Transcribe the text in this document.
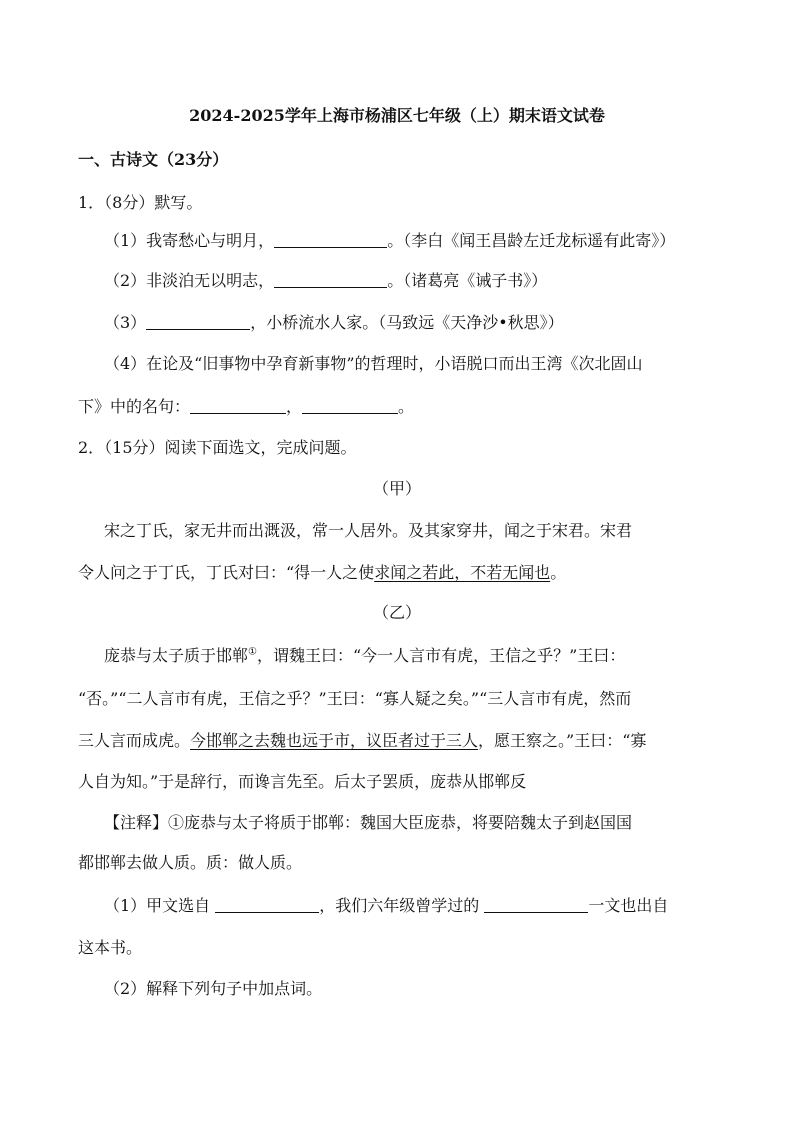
2024-2025学年上海市杨浦区七年级（上）期末语文试卷
一、古诗文（23分）
1．（8分）默写。
（1）我寄愁心与明月，	。（李白《闻王昌龄左迁龙标遥有此寄》）
（2）非淡泊无以明志，	。（诸葛亮《诫子书》）
（3）	，小桥流水人家。（马致远《天净沙•秋思》）
（4）在论及“旧事物中孕育新事物”的哲理时，小语脱口而出王湾《次北固山
下》中的名句：	，	。
2．（15分）阅读下面选文，完成问题。
（甲）
宋之丁氏，家无井而出溉汲，常一人居外。及其家穿井，闻之于宋君。宋君
令人问之于丁氏，丁氏对曰：“得一人之使求闻之若此，不若无闻也。
（乙）
庞恭与太子质于邯郸①，谓魏王曰：“今一人言市有虎，王信之乎？”王曰：
“否。”“二人言市有虎，王信之乎？”王曰：“寡人疑之矣。”“三人言市有虎，然而
三人言而成虎。今邯郸之去魏也远于市，议臣者过于三人，愿王察之。”王曰：“寡
人自为知。”于是辞行，而谗言先至。后太子罢质，庞恭从邯郸反
【注释】①庞恭与太子将质于邯郸：魏国大臣庞恭，将要陪魏太子到赵国国
都邯郸去做人质。质：做人质。
（1）甲文选自	，我们六年级曾学过的	一文也出自
这本书。
（2）解释下列句子中加点词。
